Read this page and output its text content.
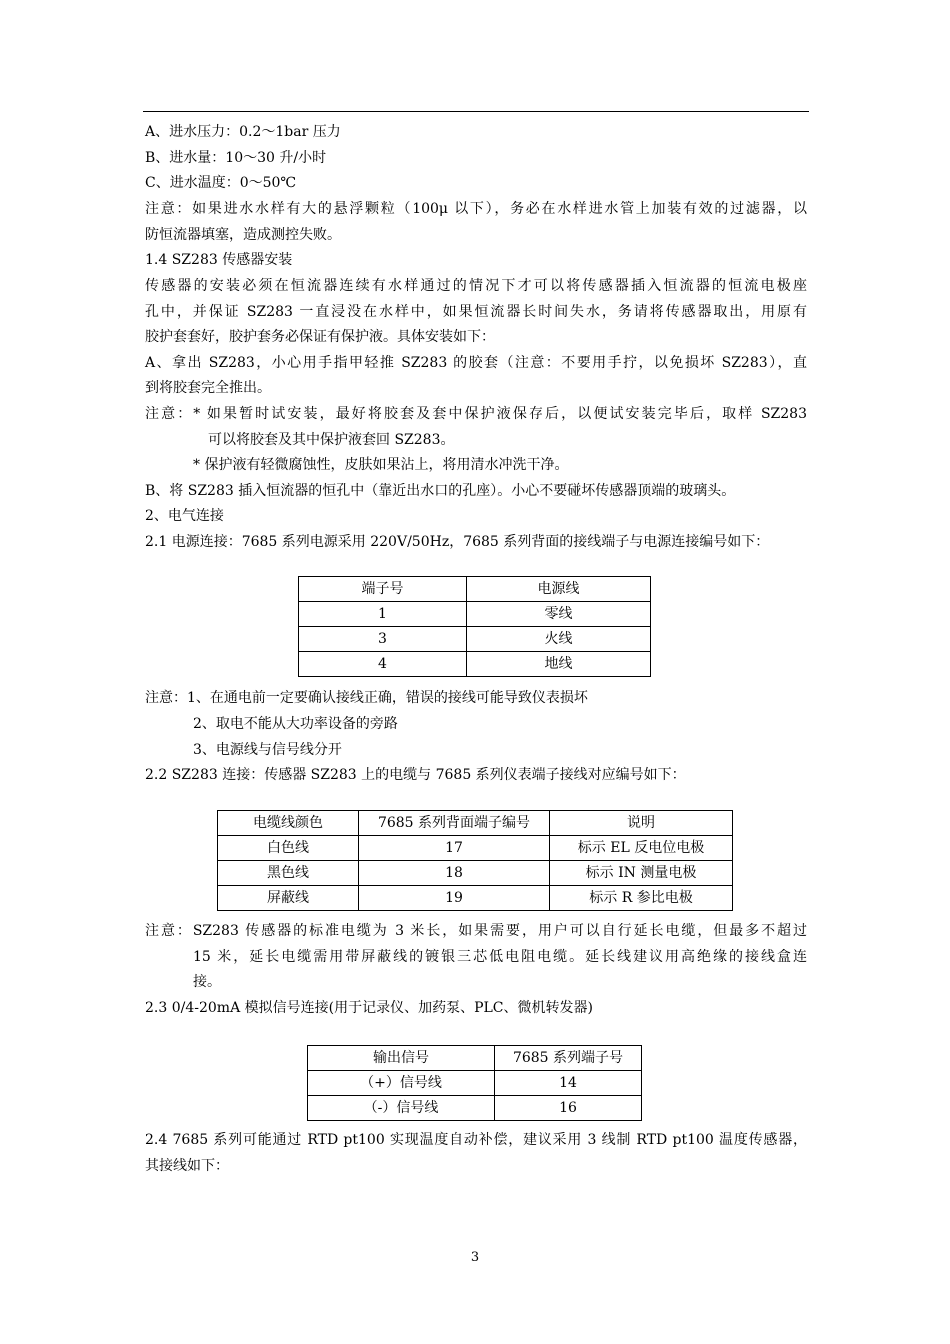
A、进水压力：0.2～1bar 压力
B、进水量：10～30 升/小时
C、进水温度：0～50℃
注意：如果进水水样有大的悬浮颗粒（100μ 以下），务必在水样进水管上加装有效的过滤器，以
防恒流器填塞，造成测控失败。
1.4 SZ283 传感器安装
传感器的安装必须在恒流器连续有水样通过的情况下才可以将传感器插入恒流器的恒流电极座
孔中，并保证 SZ283 一直浸没在水样中，如果恒流器长时间失水，务请将传感器取出，用原有
胶护套套好，胶护套务必保证有保护液。具体安装如下：
A、拿出 SZ283，小心用手指甲轻推 SZ283 的胶套（注意：不要用手拧，以免损坏 SZ283），直
到将胶套完全推出。
注意：* 如果暂时试安装，最好将胶套及套中保护液保存后，以便试安装完毕后，取样 SZ283
可以将胶套及其中保护液套回 SZ283。
* 保护液有轻微腐蚀性，皮肤如果沾上，将用清水冲洗干净。
B、将 SZ283 插入恒流器的恒孔中（靠近出水口的孔座）。小心不要碰坏传感器顶端的玻璃头。
2、电气连接
2.1 电源连接：7685 系列电源采用 220V/50Hz，7685 系列背面的接线端子与电源连接编号如下：
端子号	电源线
1	零线
3	火线
4	地线
注意：1、在通电前一定要确认接线正确，错误的接线可能导致仪表损坏
2、取电不能从大功率设备的旁路
3、电源线与信号线分开
2.2 SZ283 连接：传感器 SZ283 上的电缆与 7685 系列仪表端子接线对应编号如下：
电缆线颜色	7685 系列背面端子编号	说明
白色线	17	标示 EL 反电位电极
黑色线	18	标示 IN 测量电极
屏蔽线	19	标示 R 参比电极
注意：SZ283 传感器的标准电缆为 3 米长，如果需要，用户可以自行延长电缆，但最多不超过
15 米，延长电缆需用带屏蔽线的镀银三芯低电阻电缆。延长线建议用高绝缘的接线盒连
接。
2.3 0/4-20mA 模拟信号连接(用于记录仪、加药泵、PLC、微机转发器)
输出信号	7685 系列端子号
（+）信号线	14
（-）信号线	16
2.4 7685 系列可能通过 RTD pt100 实现温度自动补偿，建议采用 3 线制 RTD pt100 温度传感器，
其接线如下：
3
